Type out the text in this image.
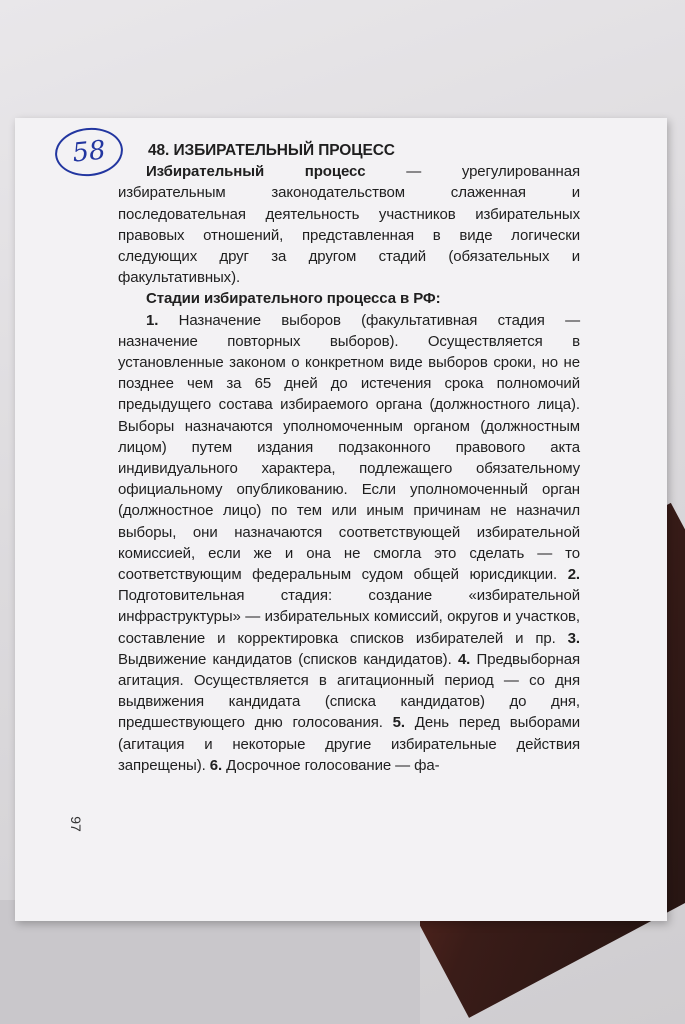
58	48. ИЗБИРАТЕЛЬНЫЙ ПРОЦЕСС

Избирательный процесс	— урегулированная избирательным законодательством слаженная и последовательная деятельность участников избирательных правовых отношений, представленная в виде логически следующих друг за другом стадий (обязательных и факультативных).

Стадии избирательного процесса в РФ:

1. Назначение выборов (факультативная стадия — назначение повторных выборов). Осуществляется в установленные законом о конкретном виде выборов сроки, но не позднее чем за 65 дней до истечения срока полномочий предыдущего состава избираемого органа (должностного лица). Выборы назначаются уполномоченным органом (должностным лицом) путем издания подзаконного правового акта индивидуального характера, подлежащего обязательному официальному опубликованию. Если уполномоченный орган (должностное лицо) по тем или иным причинам не назначил выборы, они назначаются соответствующей избирательной комиссией, если же и она не смогла это сделать — то соответствующим федеральным судом общей юрисдикции. 2. Подготовительная стадия: создание «избирательной инфраструктуры» — избирательных комиссий, округов и участков, составление и корректировка списков избирателей и пр. 3. Выдвижение кандидатов (списков кандидатов). 4. Предвыборная агитация. Осуществляется в агитационный период — со дня выдвижения кандидата (списка кандидатов) до дня, предшествующего дню голосования. 5. День перед выборами (агитация и некоторые другие избирательные действия запрещены). 6. Досрочное голосование — фа-

97
